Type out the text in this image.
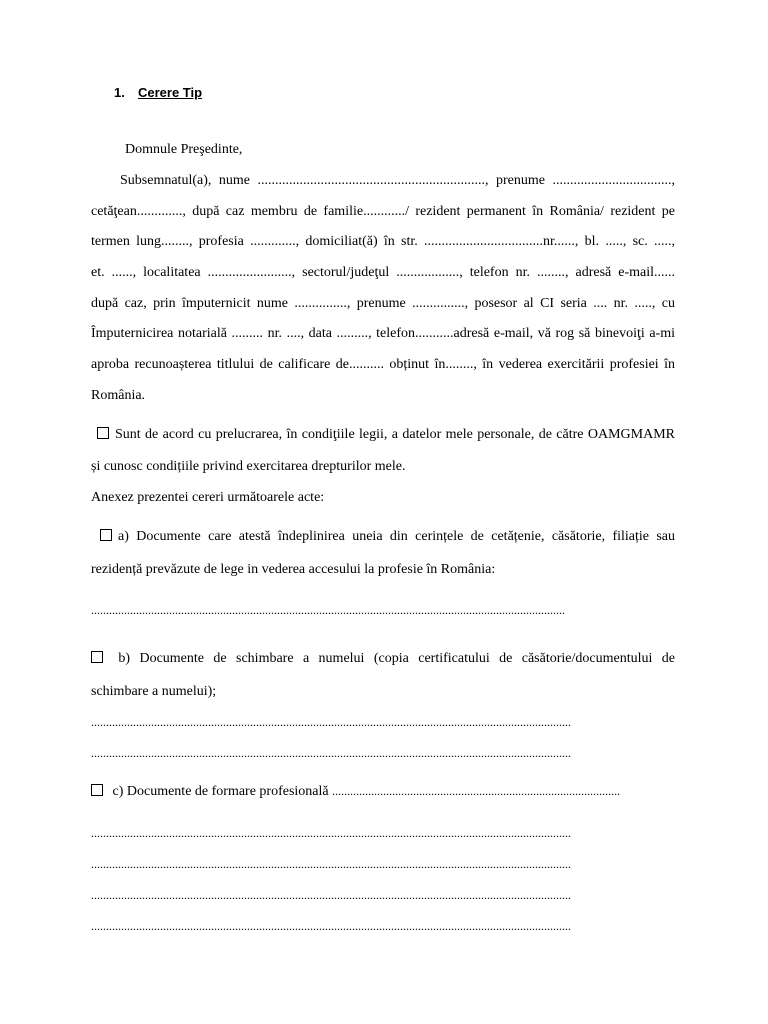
1. Cerere Tip
Domnule Preşedinte,
Subsemnatul(a), nume ................................................................., prenume ..................................,
cetăţean............., după caz membru de familie............/ rezident permanent în România/ rezident pe
termen lung........, profesia ............., domiciliat(ă) în str. ..................................nr......, bl. ....., sc. .....,
et. ......, localitatea ........................, sectorul/judeţul .................., telefon nr. ........, adresă e-mail......
după caz, prin împuternicit nume ..............., prenume ..............., posesor al CI seria .... nr. ....., cu
Împuternicirea notarială ......... nr. ...., data ........., telefon...........adresă e-mail, vă rog să binevoiţi a-mi
aproba recunoașterea titlului de calificare de.......... obținut în........, în vederea exercitării profesiei în
România.
Sunt de acord cu prelucrarea, în condiţiile legii, a datelor mele personale, de către OAMGMAMR
și cunosc condițiile privind exercitarea drepturilor mele.
Anexez prezentei cereri următoarele acte:
a) Documente care atestă îndeplinirea uneia din cerințele de cetățenie, căsătorie, filiație sau
rezidență prevăzute de lege in vederea accesului la profesie în România:
..............................................................................................................................................................
b) Documente de schimbare a numelui (copia certificatului de căsătorie/documentului de
schimbare a numelui);
................................................................................................................................................................
................................................................................................................................................................
c) Documente de formare profesională ................................................................................................
................................................................................................................................................................
................................................................................................................................................................
................................................................................................................................................................
................................................................................................................................................................
